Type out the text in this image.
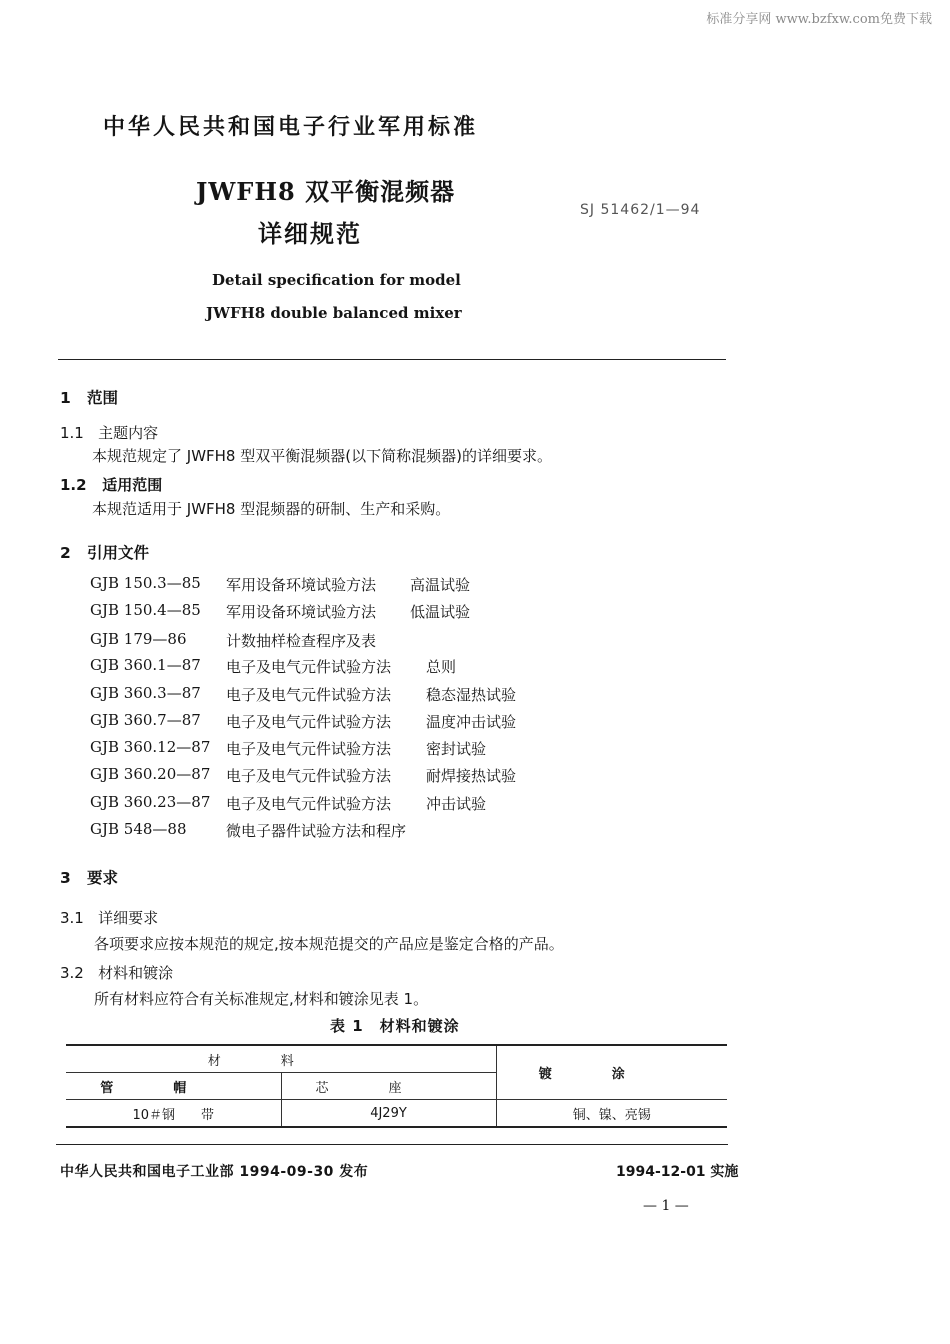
标准分享网 www.bzfxw.com免费下载
中华人民共和国电子行业军用标准
JWFH8 双平衡混频器
详细规范
SJ 51462/1—94
Detail specification for model
JWFH8 double balanced mixer
1 范围
1.1 主题内容
本规范规定了 JWFH8 型双平衡混频器(以下简称混频器)的详细要求。
1.2 适用范围
本规范适用于 JWFH8 型混频器的研制、生产和采购。
2 引用文件
GJB 150.3—85 军用设备环境试验方法 高温试验
GJB 150.4—85 军用设备环境试验方法 低温试验
GJB 179—86	计数抽样检查程序及表
GJB 360.1—87 电子及电气元件试验方法 总则
GJB 360.3—87 电子及电气元件试验方法 稳态湿热试验
GJB 360.7—87 电子及电气元件试验方法 温度冲击试验
GJB 360.12—87 电子及电气元件试验方法 密封试验
GJB 360.20—87 电子及电气元件试验方法 耐焊接热试验
GJB 360.23—87 电子及电气元件试验方法 冲击试验
GJB 548—88	微电子器件试验方法和程序
3 要求
3.1 详细要求
各项要求应按本规范的规定,按本规范提交的产品应是鉴定合格的产品。
3.2 材料和镀涂
所有材料应符合有关标准规定,材料和镀涂见表 1。
表 1　材料和镀涂
材料		镀涂
管帽	芯座	
10＃钢　　带	4J29Y	铜、镍、亮锡
中华人民共和国电子工业部 1994-09-30 发布	1994-12-01 实施
— 1 —
